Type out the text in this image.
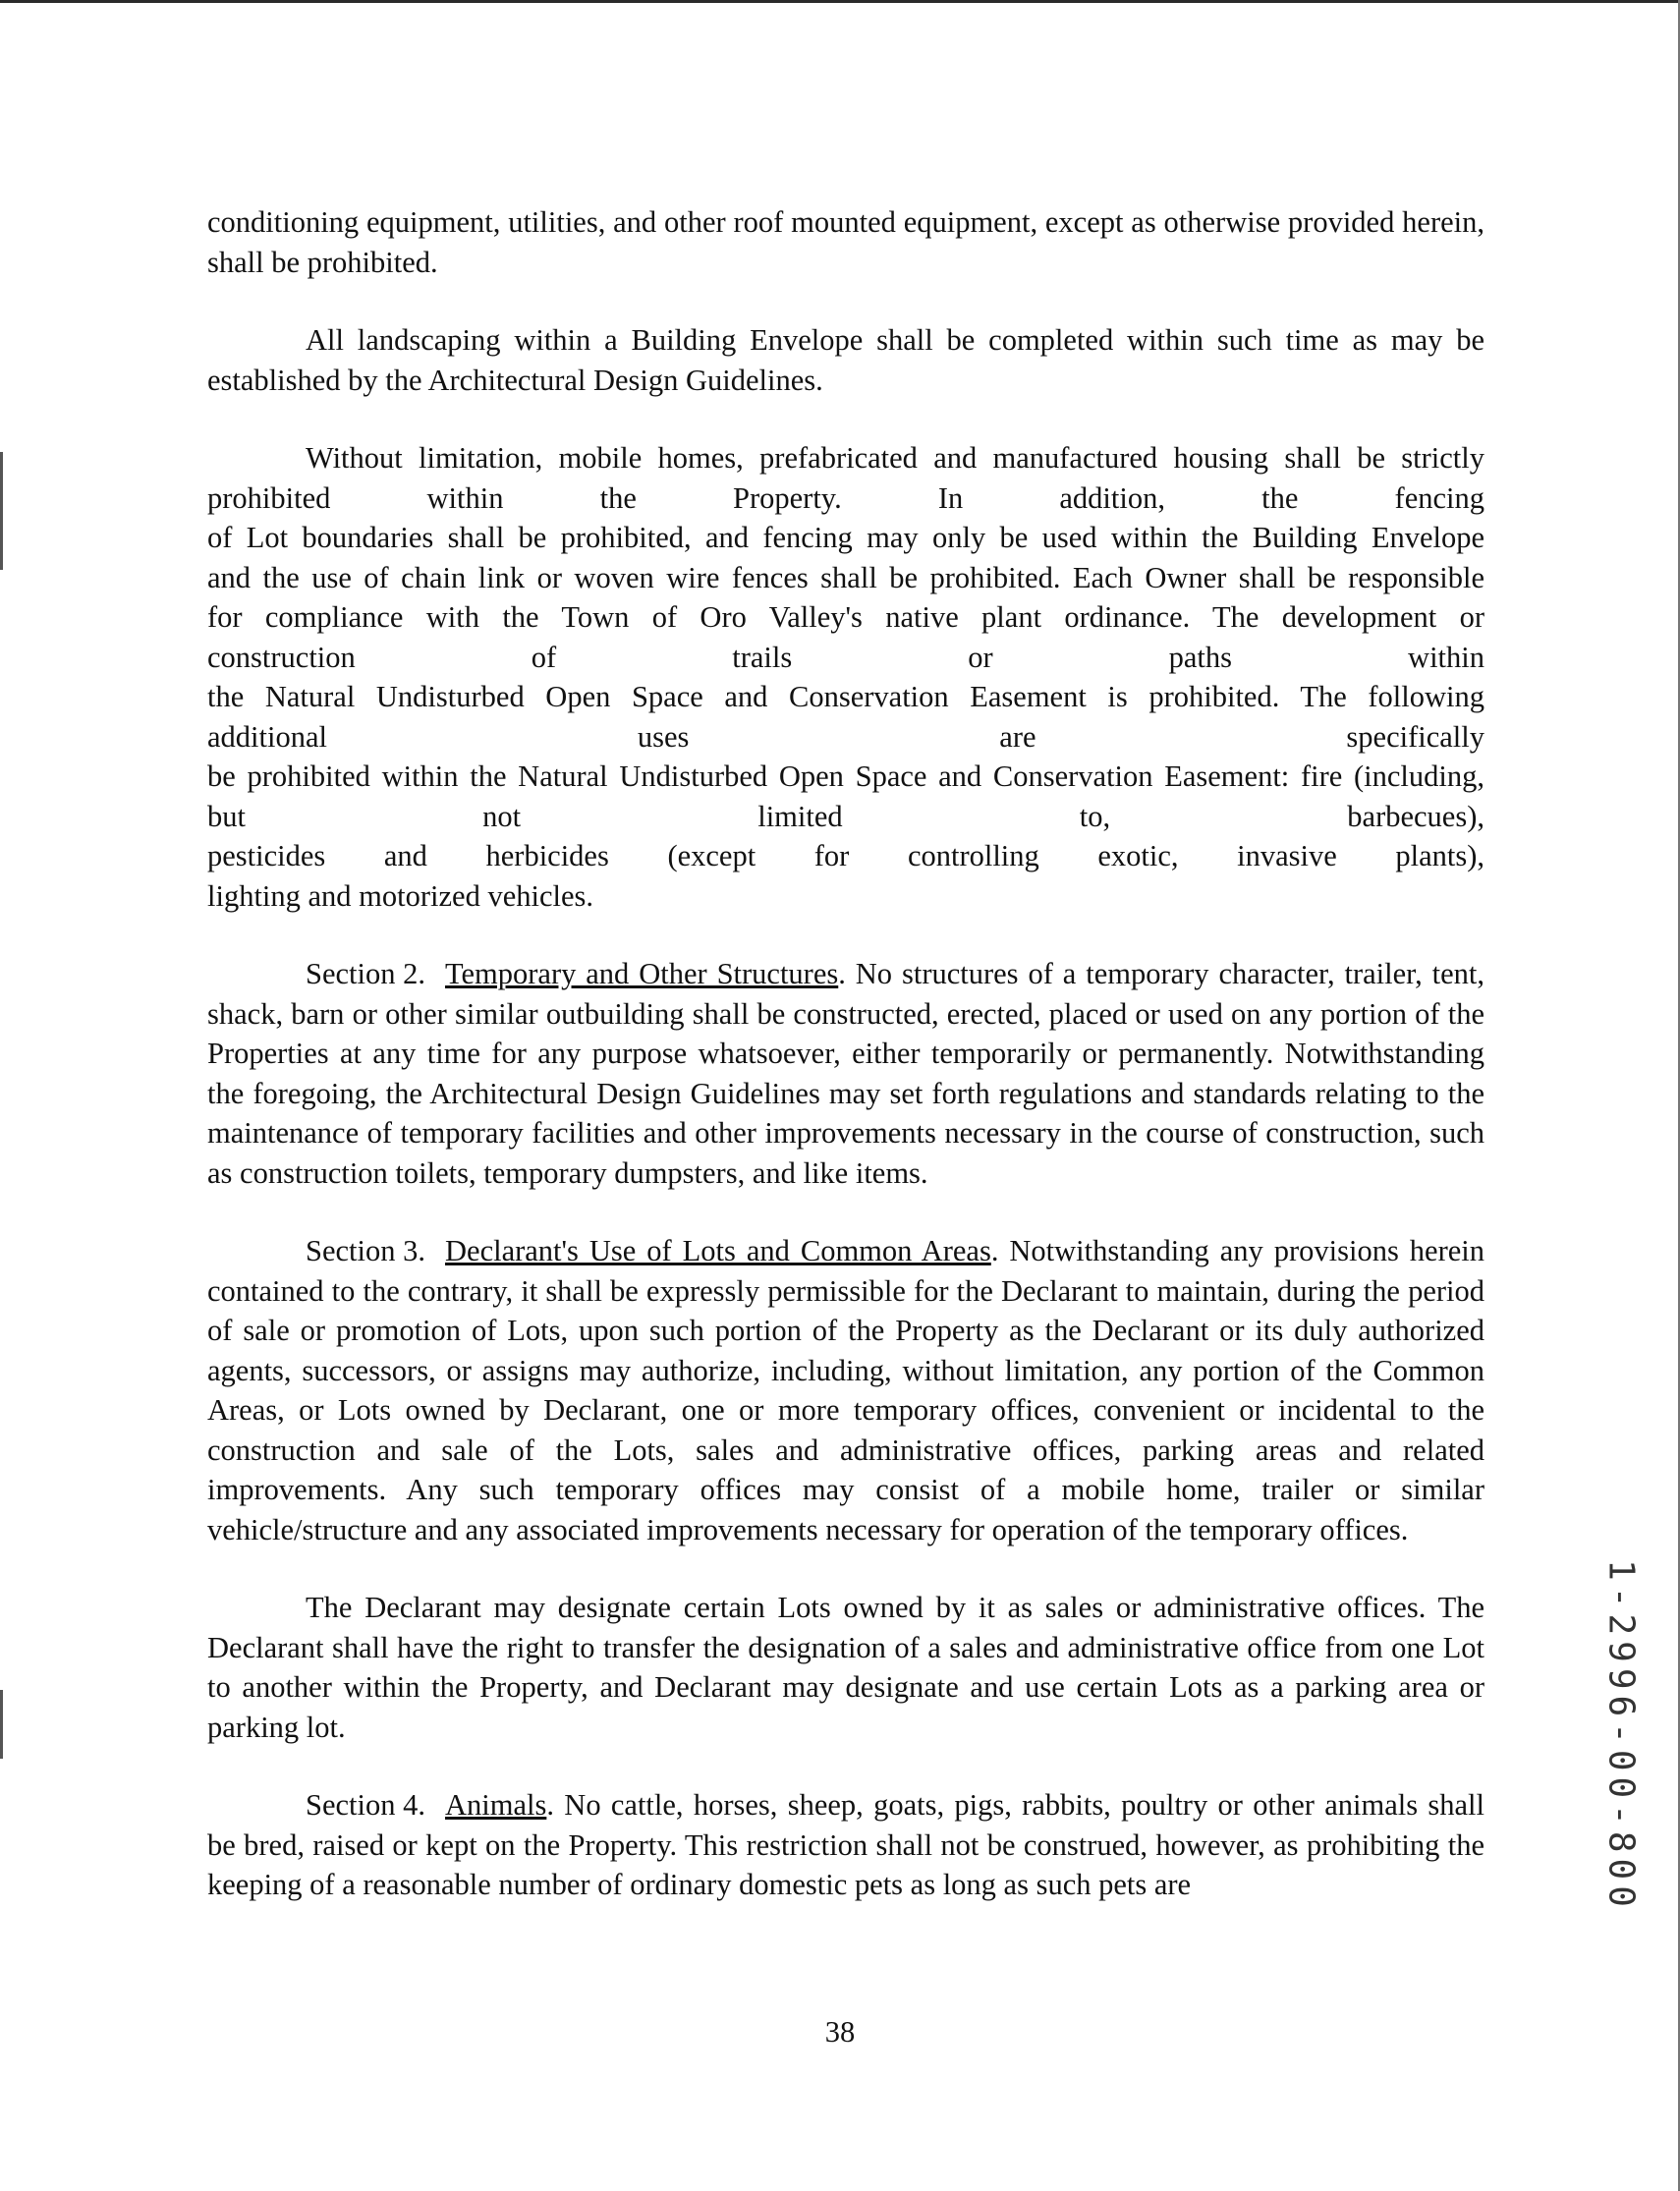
conditioning equipment, utilities, and other roof mounted equipment, except as otherwise provided herein, shall be prohibited.

All landscaping within a Building Envelope shall be completed within such time as may be established by the Architectural Design Guidelines.

Without limitation, mobile homes, prefabricated and manufactured housing shall be strictly
prohibited within the Property. In addition, the fencing
of Lot boundaries shall be prohibited, and fencing may only be used within the Building Envelope
and the use of chain link or woven wire fences shall be prohibited. Each Owner shall be responsible
for compliance with the Town of Oro Valley's native plant ordinance. The development or
construction of trails or paths within
the Natural Undisturbed Open Space and Conservation Easement is prohibited. The following
additional uses are specifically
be prohibited within the Natural Undisturbed Open Space and Conservation Easement: fire (including,
but not limited to, barbecues),
pesticides and herbicides (except for controlling exotic, invasive plants),
lighting and motorized vehicles.

Section 2. Temporary and Other Structures. No structures of a temporary character, trailer, tent, shack, barn or other similar outbuilding shall be constructed, erected, placed or used on any portion of the Properties at any time for any purpose whatsoever, either temporarily or permanently. Notwithstanding the foregoing, the Architectural Design Guidelines may set forth regulations and standards relating to the maintenance of temporary facilities and other improvements necessary in the course of construction, such as construction toilets, temporary dumpsters, and like items.

Section 3. Declarant's Use of Lots and Common Areas. Notwithstanding any provisions herein contained to the contrary, it shall be expressly permissible for the Declarant to maintain, during the period of sale or promotion of Lots, upon such portion of the Property as the Declarant or its duly authorized agents, successors, or assigns may authorize, including, without limitation, any portion of the Common Areas, or Lots owned by Declarant, one or more temporary offices, convenient or incidental to the construction and sale of the Lots, sales and administrative offices, parking areas and related improvements. Any such temporary offices may consist of a mobile home, trailer or similar vehicle/structure and any associated improvements necessary for operation of the temporary offices.

The Declarant may designate certain Lots owned by it as sales or administrative offices. The Declarant shall have the right to transfer the designation of a sales and administrative office from one Lot to another within the Property, and Declarant may designate and use certain Lots as a parking area or parking lot.

Section 4. Animals. No cattle, horses, sheep, goats, pigs, rabbits, poultry or other animals shall be bred, raised or kept on the Property. This restriction shall not be construed, however, as prohibiting the keeping of a reasonable number of ordinary domestic pets as long as such pets are

38
1-2996-00-800
